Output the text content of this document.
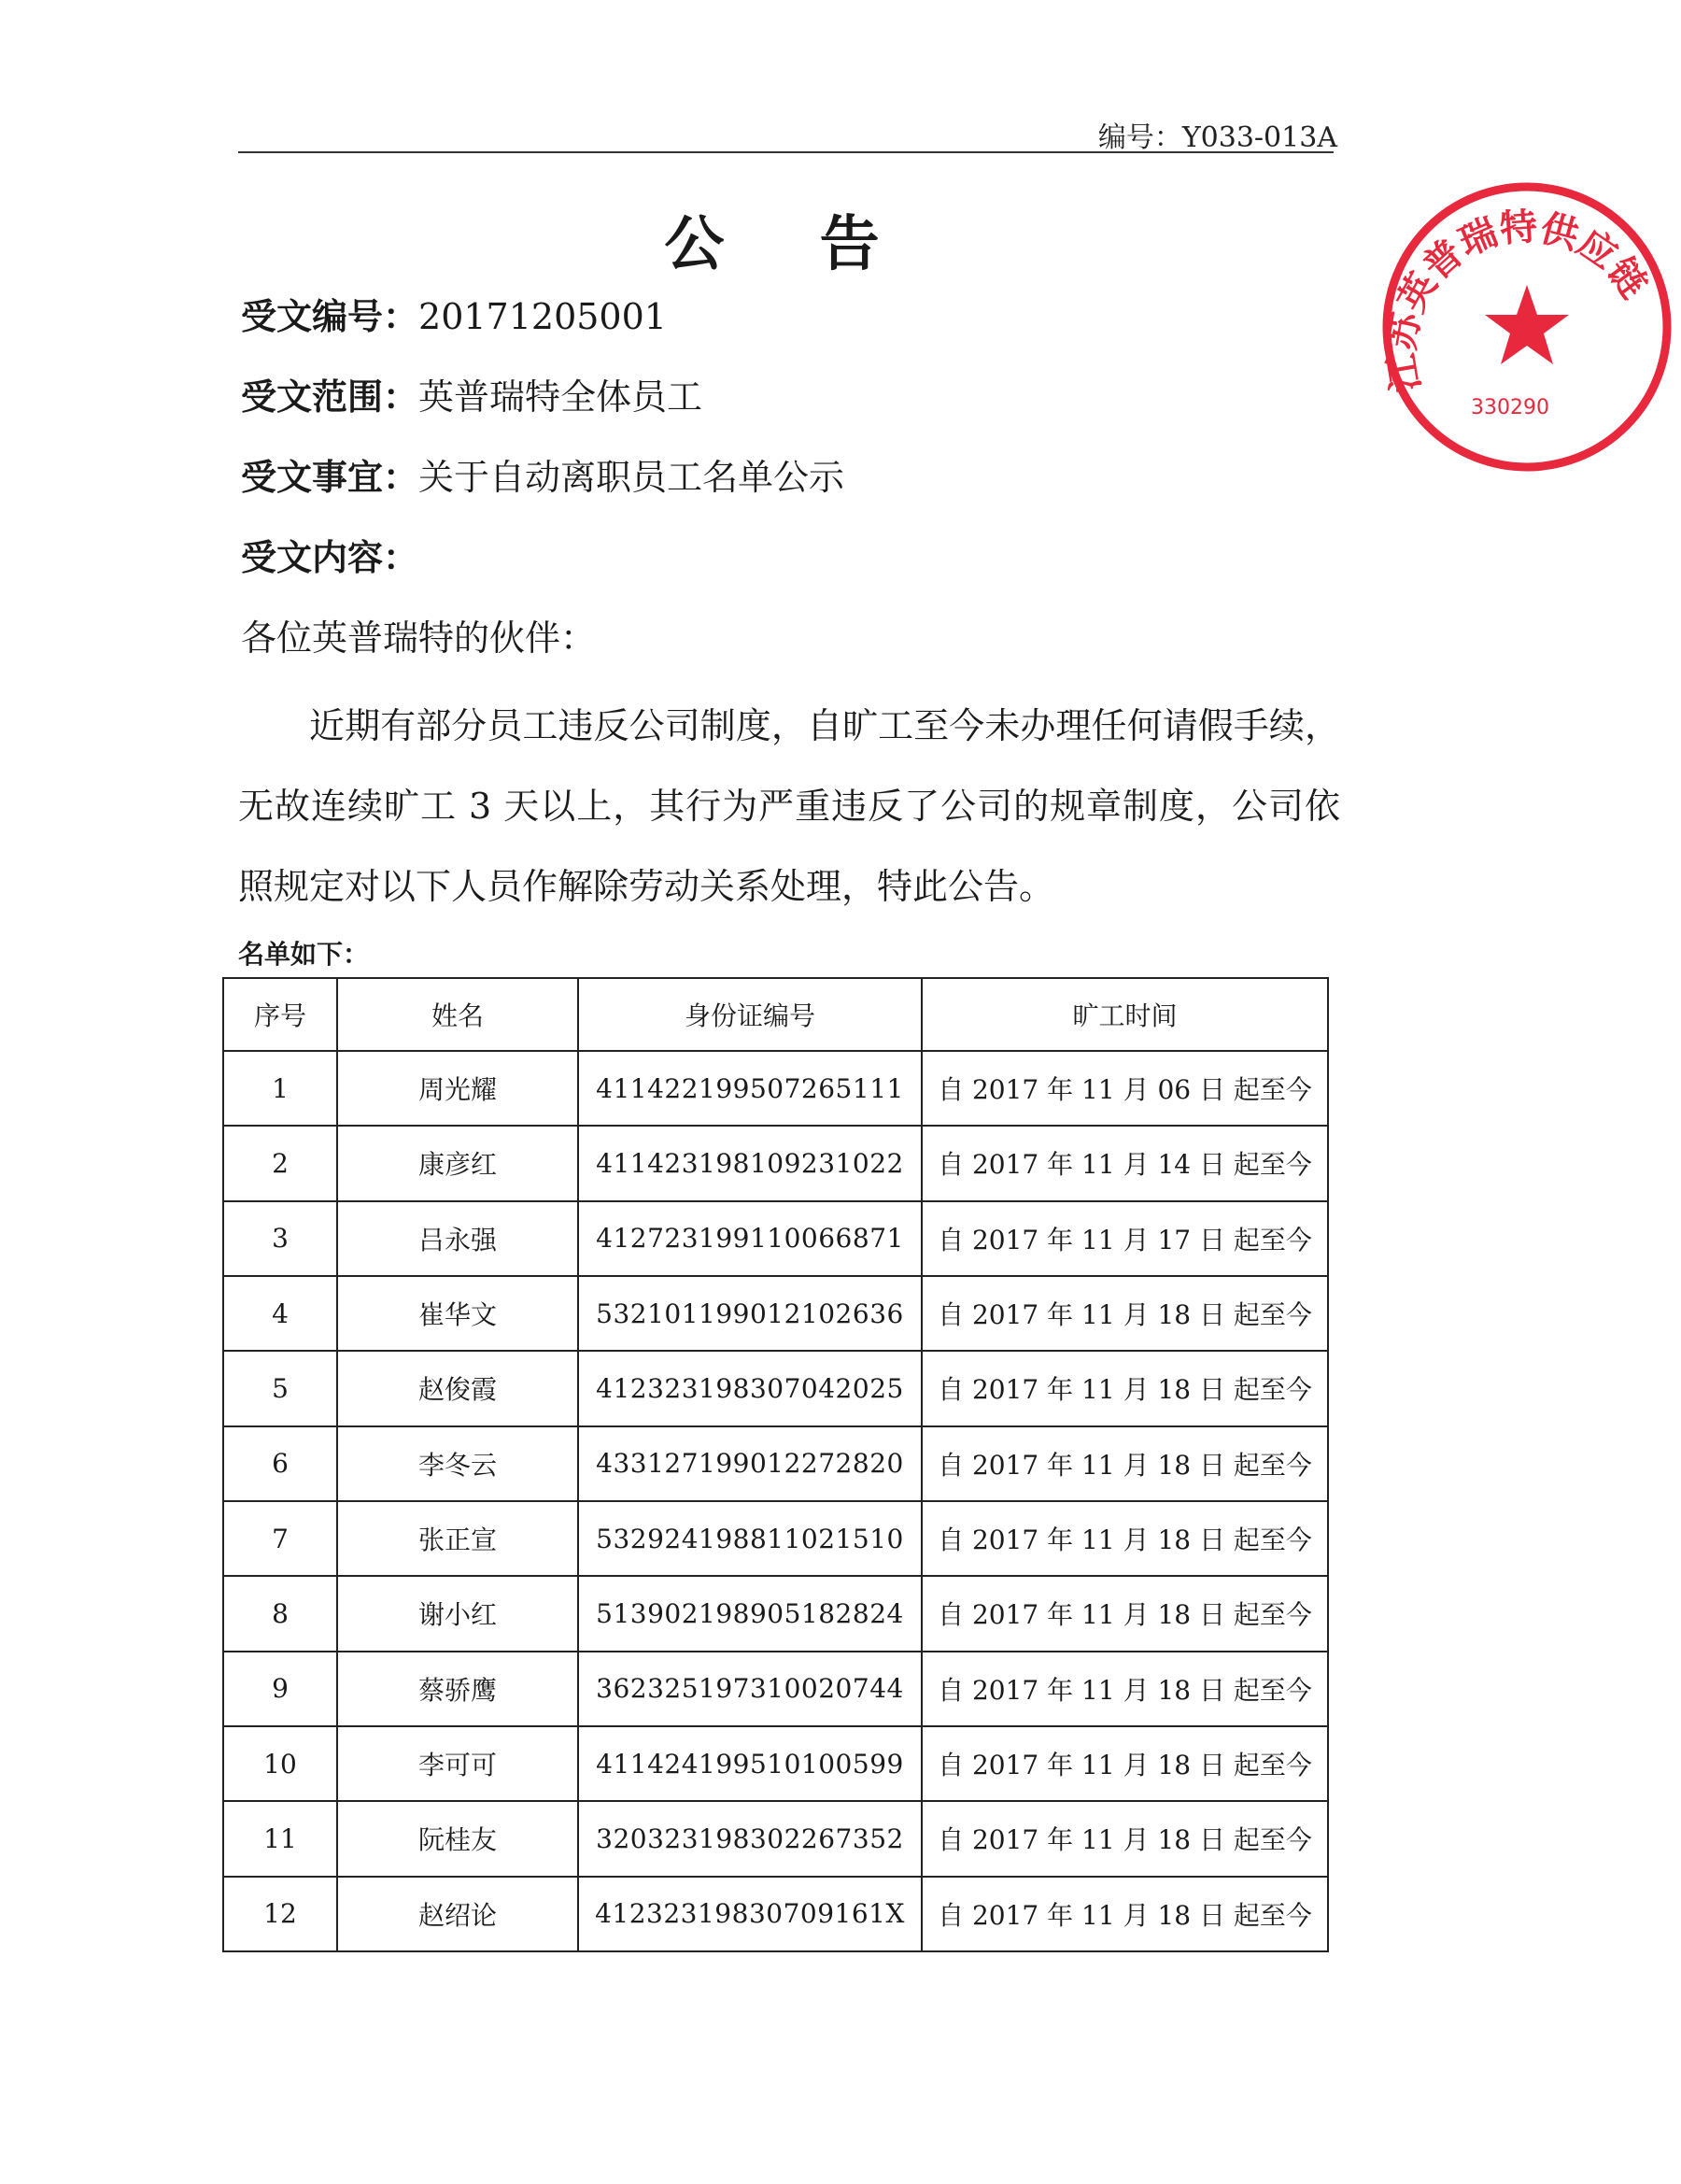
编号：Y033-013A
公 告
受文编号：20171205001
受文范围：英普瑞特全体员工
受文事宜：关于自动离职员工名单公示
受文内容：
各位英普瑞特的伙伴：
近期有部分员工违反公司制度，自旷工至今未办理任何请假手续，无故连续旷工 3 天以上，其行为严重违反了公司的规章制度，公司依照规定对以下人员作解除劳动关系处理，特此公告。
名单如下：
序号	姓名	身份证编号	旷工时间
1	周光耀	411422199507265111	自 2017 年 11 月 06 日 起至今
2	康彦红	411423198109231022	自 2017 年 11 月 14 日 起至今
3	吕永强	412723199110066871	自 2017 年 11 月 17 日 起至今
4	崔华文	532101199012102636	自 2017 年 11 月 18 日 起至今
5	赵俊霞	412323198307042025	自 2017 年 11 月 18 日 起至今
6	李冬云	433127199012272820	自 2017 年 11 月 18 日 起至今
7	张正宣	532924198811021510	自 2017 年 11 月 18 日 起至今
8	谢小红	513902198905182824	自 2017 年 11 月 18 日 起至今
9	蔡骄鹰	362325197310020744	自 2017 年 11 月 18 日 起至今
10	李可可	411424199510100599	自 2017 年 11 月 18 日 起至今
11	阮桂友	320323198302267352	自 2017 年 11 月 18 日 起至今
12	赵绍论	41232319830709161X	自 2017 年 11 月 18 日 起至今
江苏英普瑞特供应链
330290
